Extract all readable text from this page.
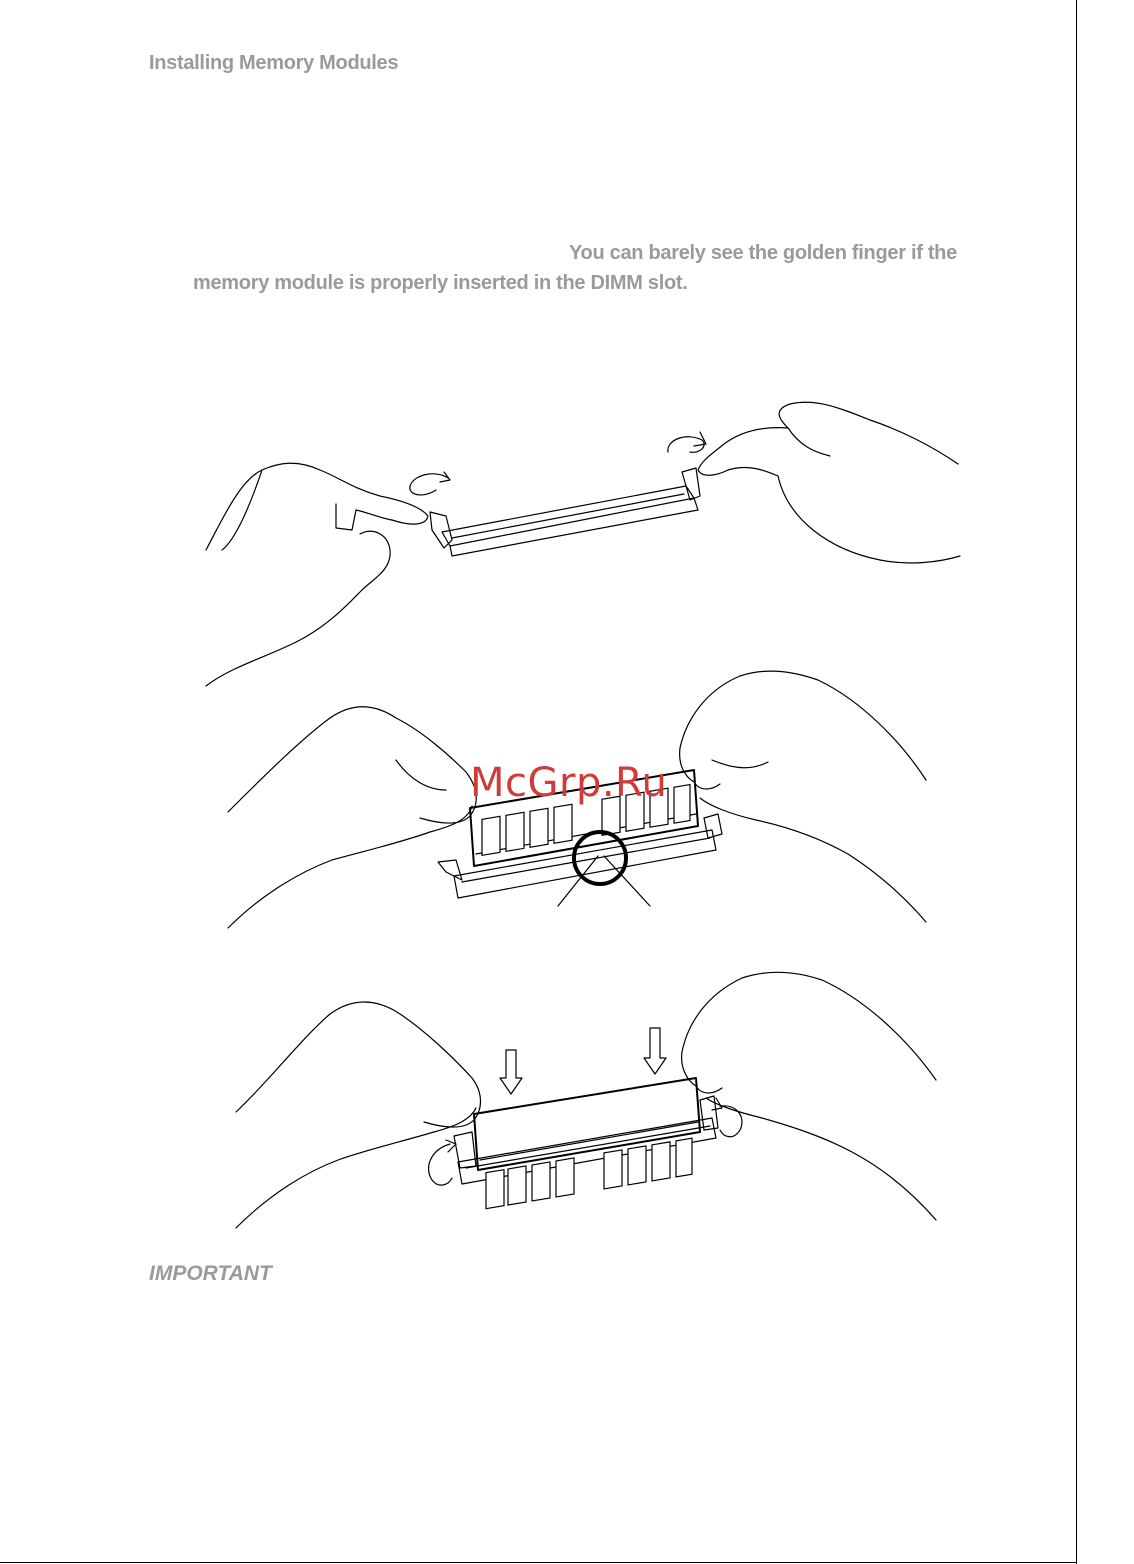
Installing Memory Modules
You can barely see the golden finger if the
memory module is properly inserted in the DIMM slot.
McGrp.Ru
IMPORTANT
